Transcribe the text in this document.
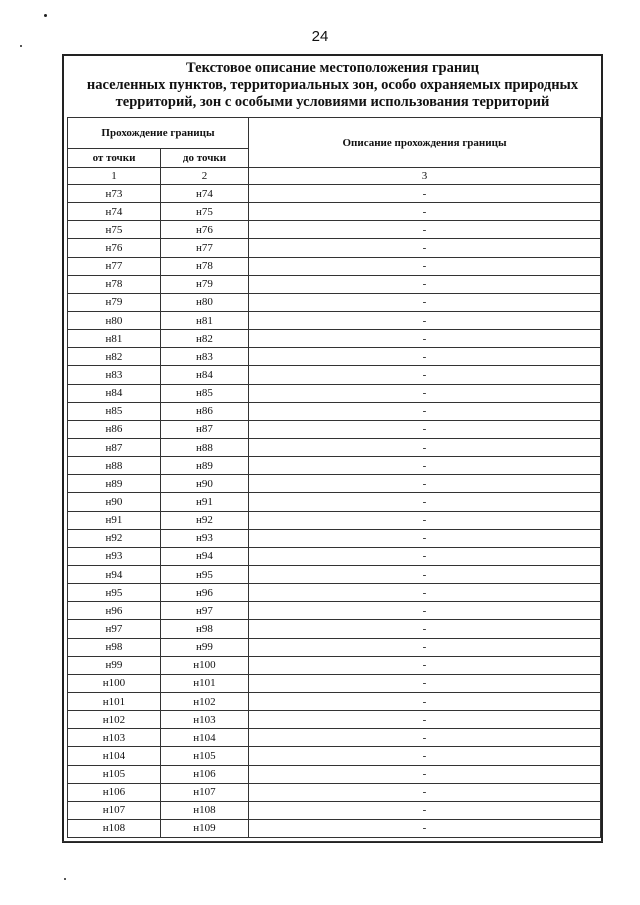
24
Текстовое описание местоположения границ
населенных пунктов, территориальных зон, особо охраняемых природных
территорий, зон с особыми условиями использования территорий
Прохождение границы		Описание прохождения границы
от точки	до точки	
1	2	3
н73	н74	-
н74	н75	-
н75	н76	-
н76	н77	-
н77	н78	-
н78	н79	-
н79	н80	-
н80	н81	-
н81	н82	-
н82	н83	-
н83	н84	-
н84	н85	-
н85	н86	-
н86	н87	-
н87	н88	-
н88	н89	-
н89	н90	-
н90	н91	-
н91	н92	-
н92	н93	-
н93	н94	-
н94	н95	-
н95	н96	-
н96	н97	-
н97	н98	-
н98	н99	-
н99	н100	-
н100	н101	-
н101	н102	-
н102	н103	-
н103	н104	-
н104	н105	-
н105	н106	-
н106	н107	-
н107	н108	-
н108	н109	-
